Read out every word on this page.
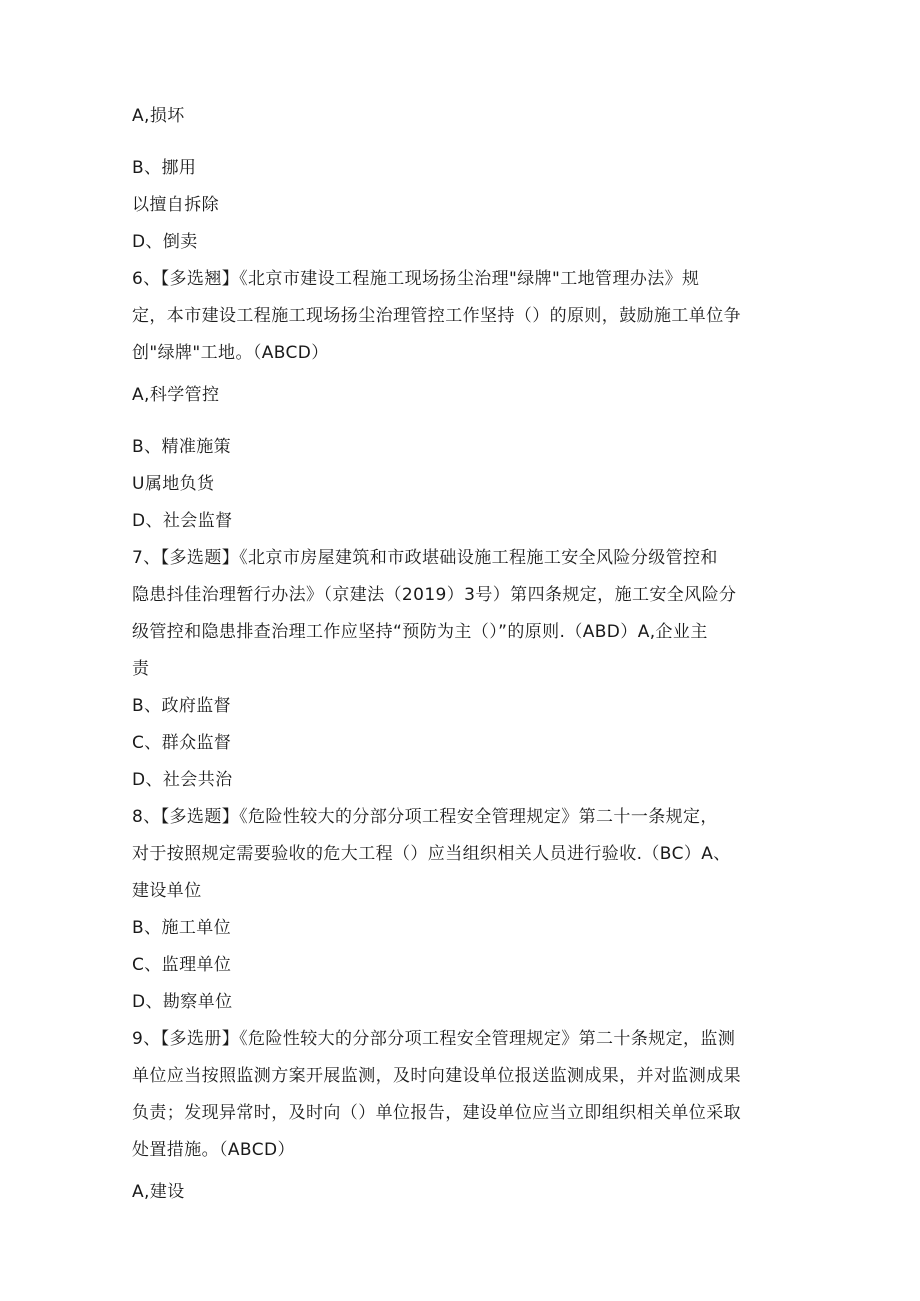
A,损坏

B、挪用

以擅自拆除

D、倒卖

6、【多选翘】《北京市建设工程施工现场扬尘治理"绿牌"工地管理办法》规

定，本市建设工程施工现场扬尘治理管控工作坚持（）的原则，鼓励施工单位争

创"绿牌"工地。（ABCD）

A,科学管控

B、精准施策

U属地负货

D、社会监督

7、【多选题】《北京市房屋建筑和市政堪础设施工程施工安全风险分级管控和

隐患抖佳治理暂行办法》（京建法（2019）3号）第四条规定，施工安全风险分

级管控和隐患排查治理工作应坚持“预防为主（）”的原则.（ABD）A,企业主

责

B、政府监督

C、群众监督

D、社会共治

8、【多选题】《危险性较大的分部分项工程安全管理规定》第二十一条规定，

对于按照规定需要验收的危大工程（）应当组织相关人员进行验收.（BC）A、

建设单位

B、施工单位

C、监理单位

D、勘察单位

9、【多选册】《危险性较大的分部分项工程安全管理规定》第二十条规定，监测

单位应当按照监测方案开展监测，及时向建设单位报送监测成果，并对监测成果

负责；发现异常时，及时向（）单位报告，建设单位应当立即组织相关单位采取

处置措施。（ABCD）

A,建设
